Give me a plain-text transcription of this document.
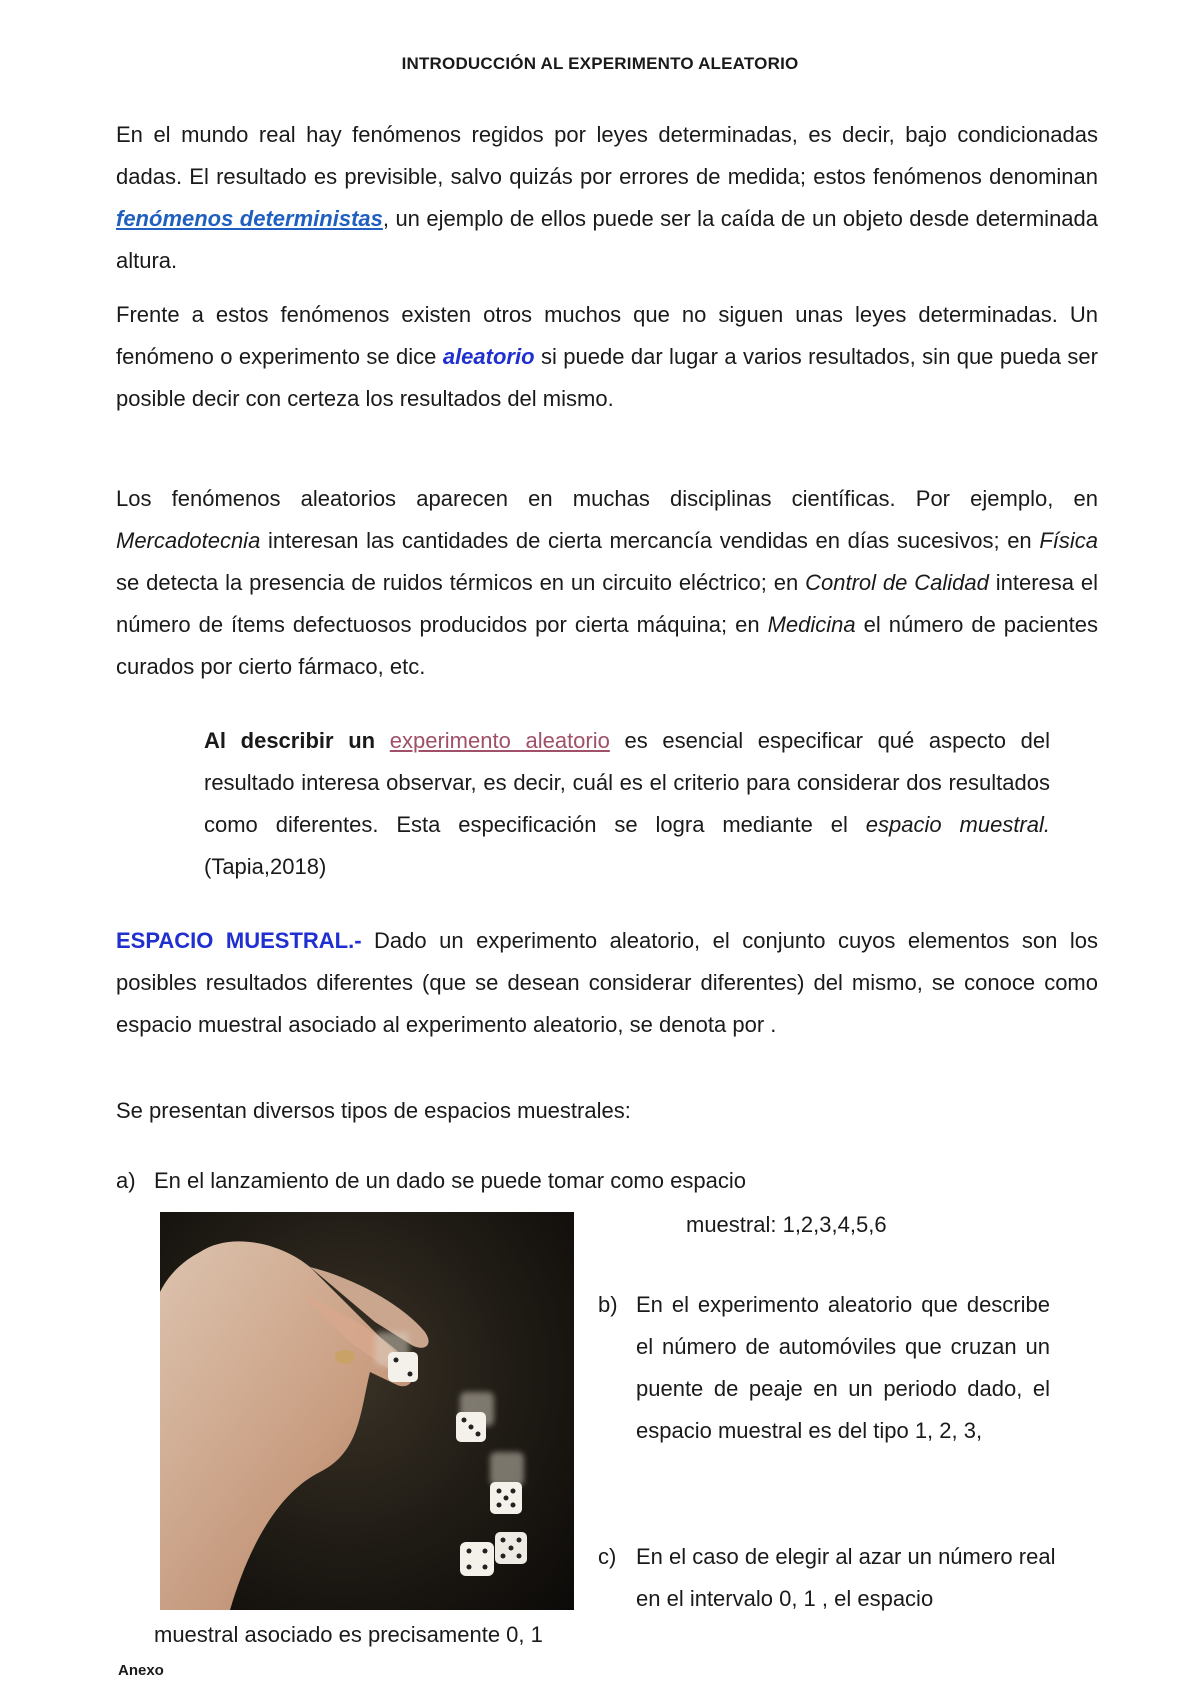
INTRODUCCIÓN AL EXPERIMENTO ALEATORIO

En el mundo real hay fenómenos regidos por leyes determinadas, es decir, bajo condicionadas dadas. El resultado es previsible, salvo quizás por errores de medida; estos fenómenos denominan fenómenos deterministas, un ejemplo de ellos puede ser la caída de un objeto desde determinada altura.

Frente a estos fenómenos existen otros muchos que no siguen unas leyes determinadas. Un fenómeno o experimento se dice aleatorio si puede dar lugar a varios resultados, sin que pueda ser posible decir con certeza los resultados del mismo.

Los fenómenos aleatorios aparecen en muchas disciplinas científicas. Por ejemplo, en Mercadotecnia interesan las cantidades de cierta mercancía vendidas en días sucesivos; en Física se detecta la presencia de ruidos térmicos en un circuito eléctrico; en Control de Calidad interesa el número de ítems defectuosos producidos por cierta máquina; en Medicina el número de pacientes curados por cierto fármaco, etc.

Al describir un experimento aleatorio es esencial especificar qué aspecto del resultado interesa observar, es decir, cuál es el criterio para considerar dos resultados como diferentes. Esta especificación se logra mediante el espacio muestral.(Tapia,2018)

ESPACIO MUESTRAL.- Dado un experimento aleatorio, el conjunto cuyos elementos son los posibles resultados diferentes (que se desean considerar diferentes) del mismo, se conoce como espacio muestral asociado al experimento aleatorio, se denota por .

Se presentan diversos tipos de espacios muestrales:

a) En el lanzamiento de un dado se puede tomar como espacio

muestral: 1,2,3,4,5,6

b) En el experimento aleatorio que describe el número de automóviles que cruzan un puente de peaje en un periodo dado, el espacio muestral es del tipo 1, 2, 3,

c) En el caso de elegir al azar un número real en el intervalo 0, 1 , el espacio

muestral asociado es precisamente 0, 1

Anexo
